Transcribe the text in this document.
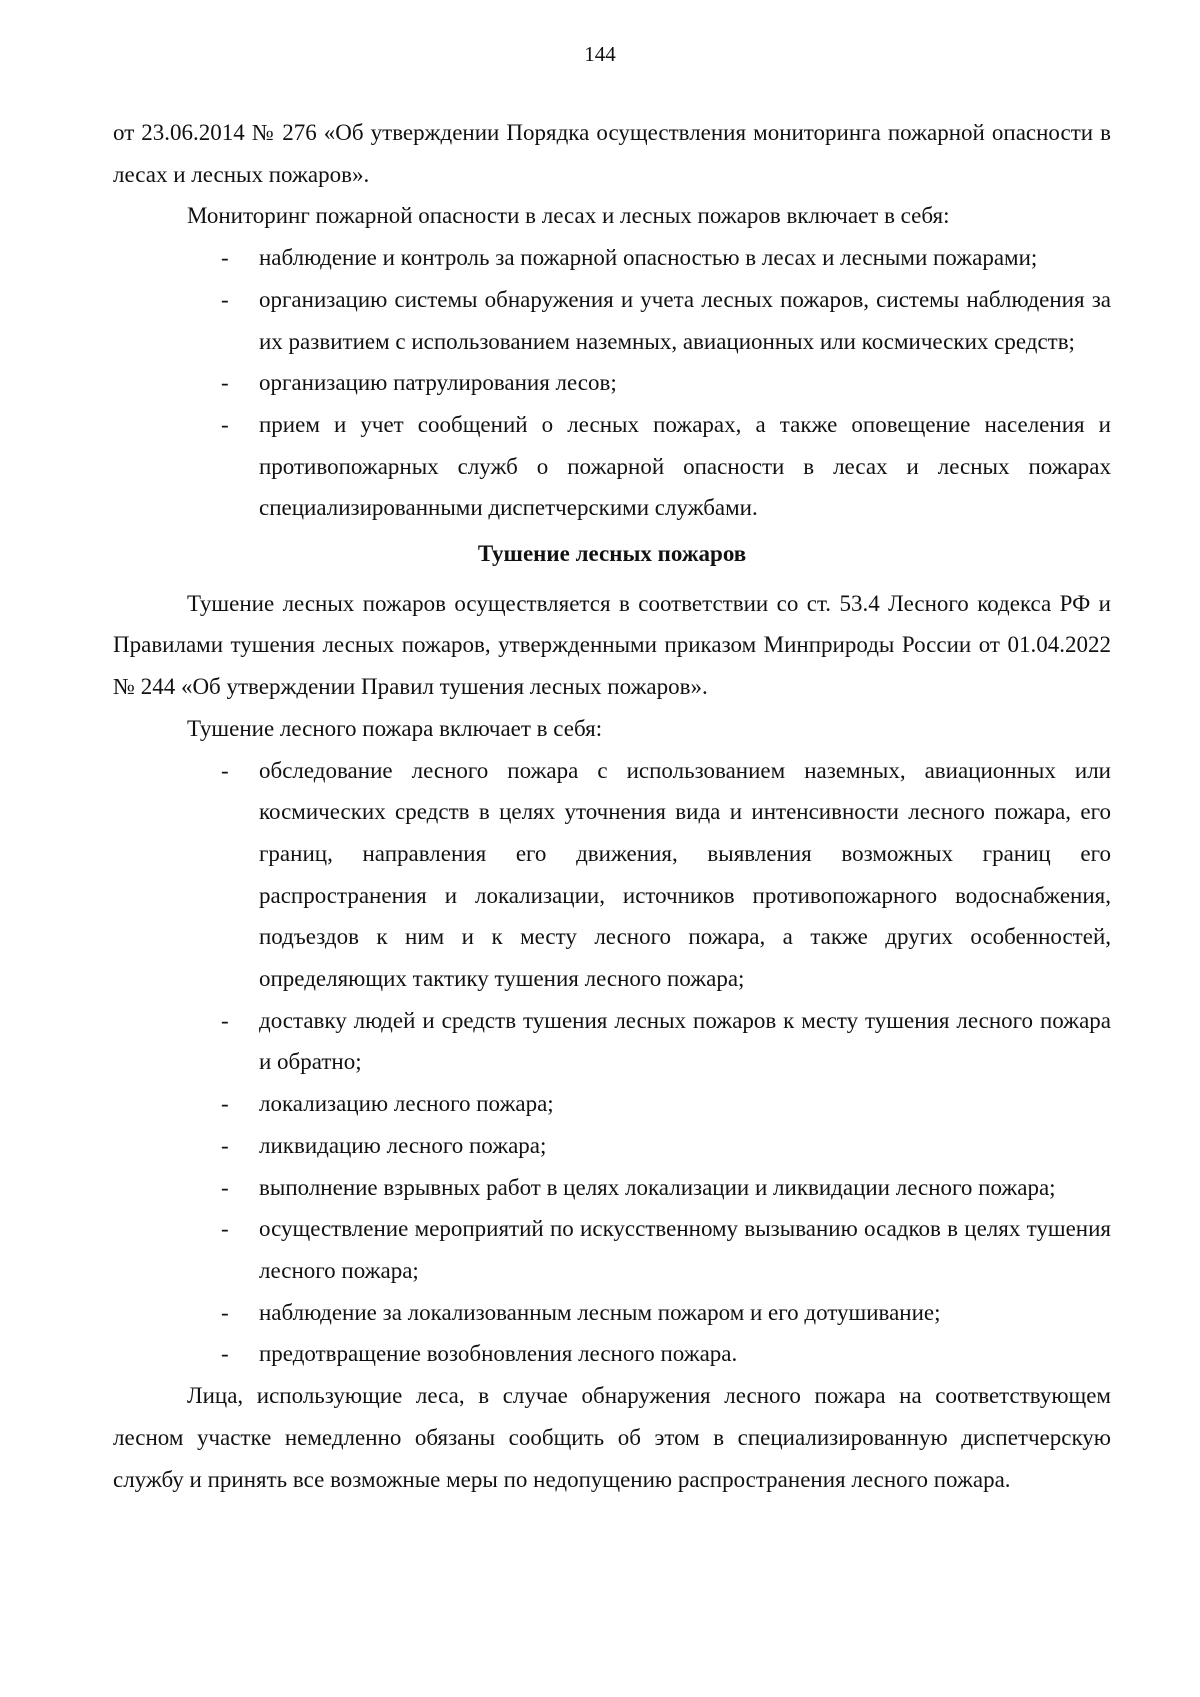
144

от 23.06.2014 № 276 «Об утверждении Порядка осуществления мониторинга пожарной опасности в лесах и лесных пожаров».

Мониторинг пожарной опасности в лесах и лесных пожаров включает в себя:

-	наблюдение и контроль за пожарной опасностью в лесах и лесными пожарами;
-	организацию системы обнаружения и учета лесных пожаров, системы наблюдения за их развитием с использованием наземных, авиационных или космических средств;
-	организацию патрулирования лесов;
-	прием и учет сообщений о лесных пожарах, а также оповещение населения и противопожарных служб о пожарной опасности в лесах и лесных пожарах специализированными диспетчерскими службами.
Тушение лесных пожаров

Тушение лесных пожаров осуществляется в соответствии со ст. 53.4 Лесного кодекса РФ и Правилами тушения лесных пожаров, утвержденными приказом Минприроды России от 01.04.2022 № 244 «Об утверждении Правил тушения лесных пожаров».

Тушение лесного пожара включает в себя:

-	обследование лесного пожара с использованием наземных, авиационных или космических средств в целях уточнения вида и интенсивности лесного пожара, его границ, направления его движения, выявления возможных границ его распространения и локализации, источников противопожарного водоснабжения, подъездов к ним и к месту лесного пожара, а также других особенностей, определяющих тактику тушения лесного пожара;
-	доставку людей и средств тушения лесных пожаров к месту тушения лесного пожара и обратно;
-	локализацию лесного пожара;
-	ликвидацию лесного пожара;
-	выполнение взрывных работ в целях локализации и ликвидации лесного пожара;
-	осуществление мероприятий по искусственному вызыванию осадков в целях тушения лесного пожара;
-	наблюдение за локализованным лесным пожаром и его дотушивание;
-	предотвращение возобновления лесного пожара.

Лица, использующие леса, в случае обнаружения лесного пожара на соответствующем лесном участке немедленно обязаны сообщить об этом в специализированную диспетчерскую службу и принять все возможные меры по недопущению распространения лесного пожара.
